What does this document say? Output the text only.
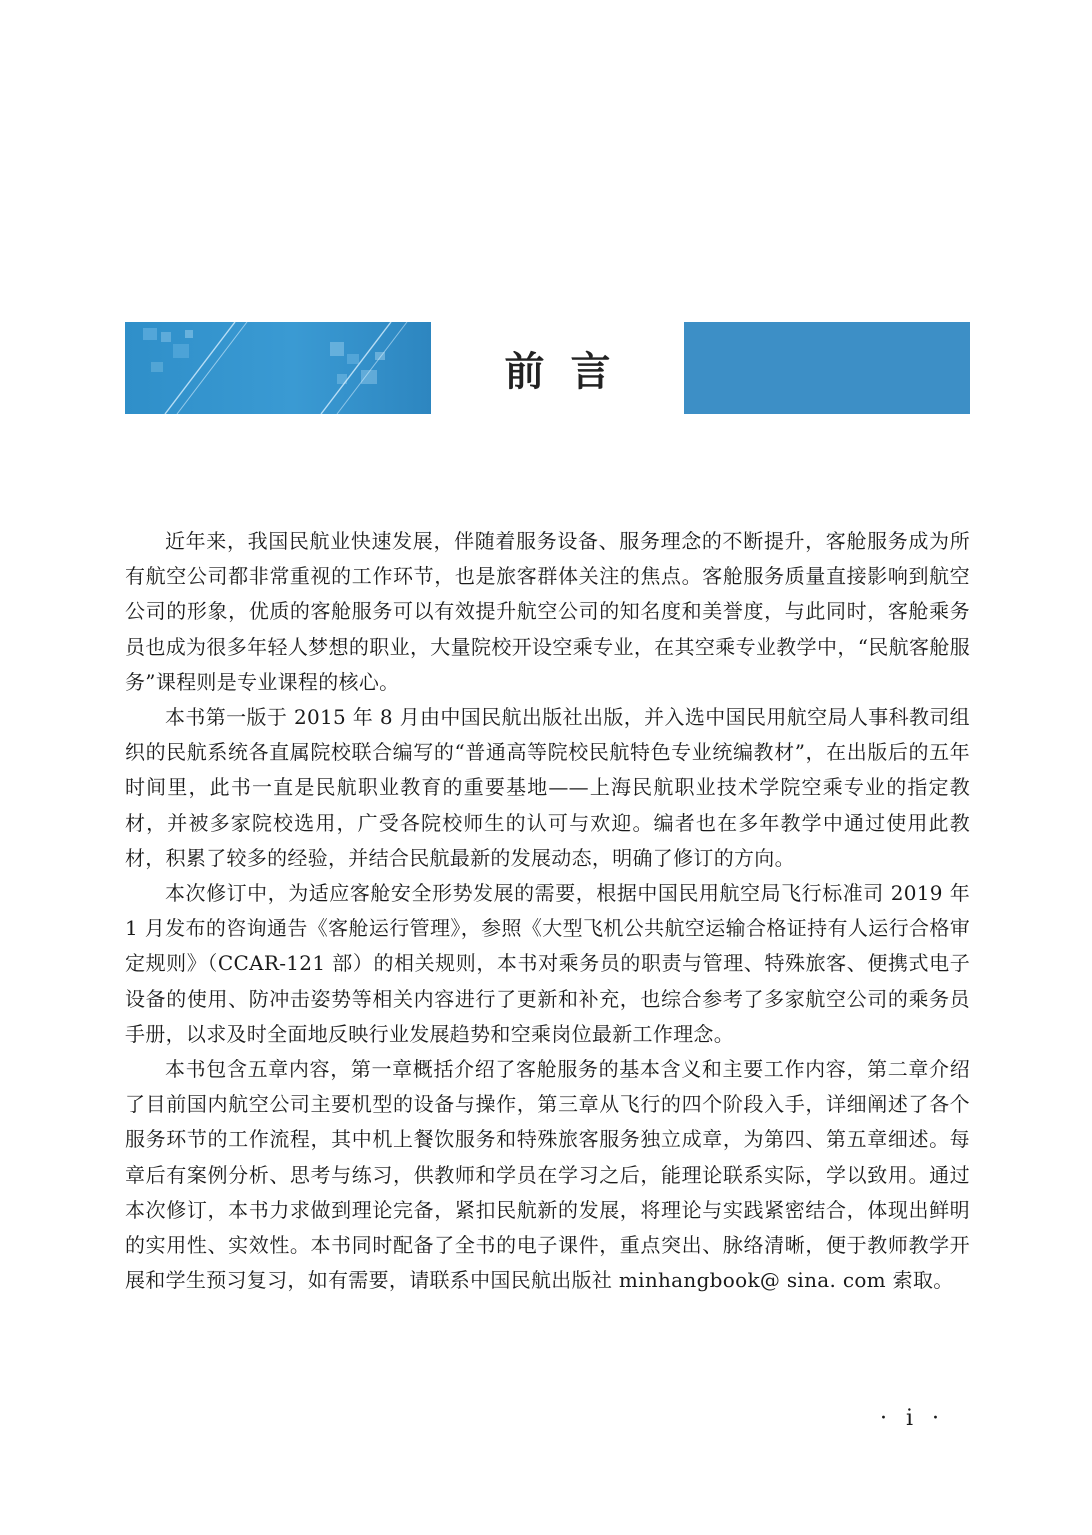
前言

近年来，我国民航业快速发展，伴随着服务设备、服务理念的不断提升，客舱服务成为所有航空公司都非常重视的工作环节，也是旅客群体关注的焦点。客舱服务质量直接影响到航空公司的形象，优质的客舱服务可以有效提升航空公司的知名度和美誉度，与此同时，客舱乘务员也成为很多年轻人梦想的职业，大量院校开设空乘专业，在其空乘专业教学中，“民航客舱服务”课程则是专业课程的核心。

本书第一版于 2015 年 8 月由中国民航出版社出版，并入选中国民用航空局人事科教司组织的民航系统各直属院校联合编写的“普通高等院校民航特色专业统编教材”，在出版后的五年时间里，此书一直是民航职业教育的重要基地——上海民航职业技术学院空乘专业的指定教材，并被多家院校选用，广受各院校师生的认可与欢迎。编者也在多年教学中通过使用此教材，积累了较多的经验，并结合民航最新的发展动态，明确了修订的方向。

本次修订中，为适应客舱安全形势发展的需要，根据中国民用航空局飞行标准司 2019 年 1 月发布的咨询通告《客舱运行管理》，参照《大型飞机公共航空运输合格证持有人运行合格审定规则》（CCAR-121 部）的相关规则，本书对乘务员的职责与管理、特殊旅客、便携式电子设备的使用、防冲击姿势等相关内容进行了更新和补充，也综合参考了多家航空公司的乘务员手册，以求及时全面地反映行业发展趋势和空乘岗位最新工作理念。

本书包含五章内容，第一章概括介绍了客舱服务的基本含义和主要工作内容，第二章介绍了目前国内航空公司主要机型的设备与操作，第三章从飞行的四个阶段入手，详细阐述了各个服务环节的工作流程，其中机上餐饮服务和特殊旅客服务独立成章，为第四、第五章细述。每章后有案例分析、思考与练习，供教师和学员在学习之后，能理论联系实际，学以致用。通过本次修订，本书力求做到理论完备，紧扣民航新的发展，将理论与实践紧密结合，体现出鲜明的实用性、实效性。本书同时配备了全书的电子课件，重点突出、脉络清晰，便于教师教学开展和学生预习复习，如有需要，请联系中国民航出版社 minhangbook@ sina. com 索取。

· i ·
